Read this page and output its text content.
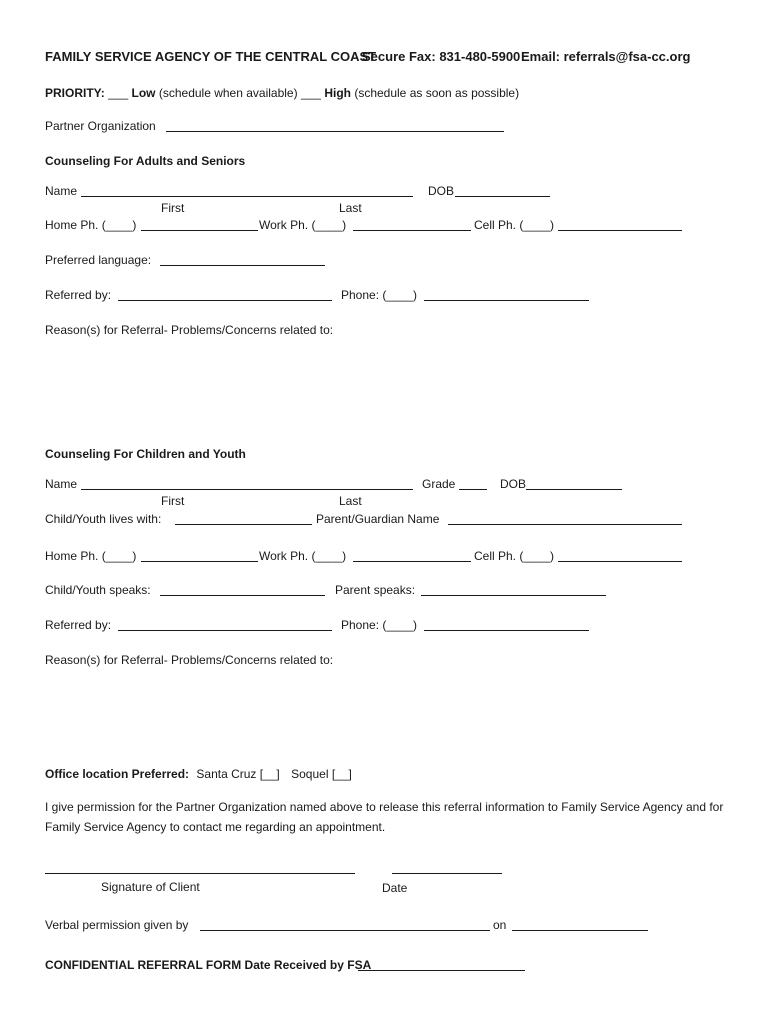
FAMILY SERVICE AGENCY OF THE CENTRAL COAST
Secure Fax: 831-480-5900 Email: referrals@fsa-cc.org
PRIORITY: ___ Low (schedule when available) ___ High (schedule as soon as possible)
Partner Organization
Counseling For Adults and Seniors
Name	DOB
First	Last
Home Ph. (____)	Work Ph. (____)	Cell Ph. (____)
Preferred language:
Referred by:	Phone: (____)
Reason(s) for Referral- Problems/Concerns related to:
Counseling For Children and Youth
Name	Grade	DOB
First	Last
Child/Youth lives with:	Parent/Guardian Name
Home Ph. (____)	Work Ph. (____)	Cell Ph. (____)
Child/Youth speaks:	Parent speaks:
Referred by:	Phone: (____)
Reason(s) for Referral- Problems/Concerns related to:
Office location Preferred: Santa Cruz [__] Soquel [__]
I give permission for the Partner Organization named above to release this referral information to Family Service Agency and for Family Service Agency to contact me regarding an appointment.
Signature of Client	Date
Verbal permission given by	on
CONFIDENTIAL REFERRAL FORM Date Received by FSA
